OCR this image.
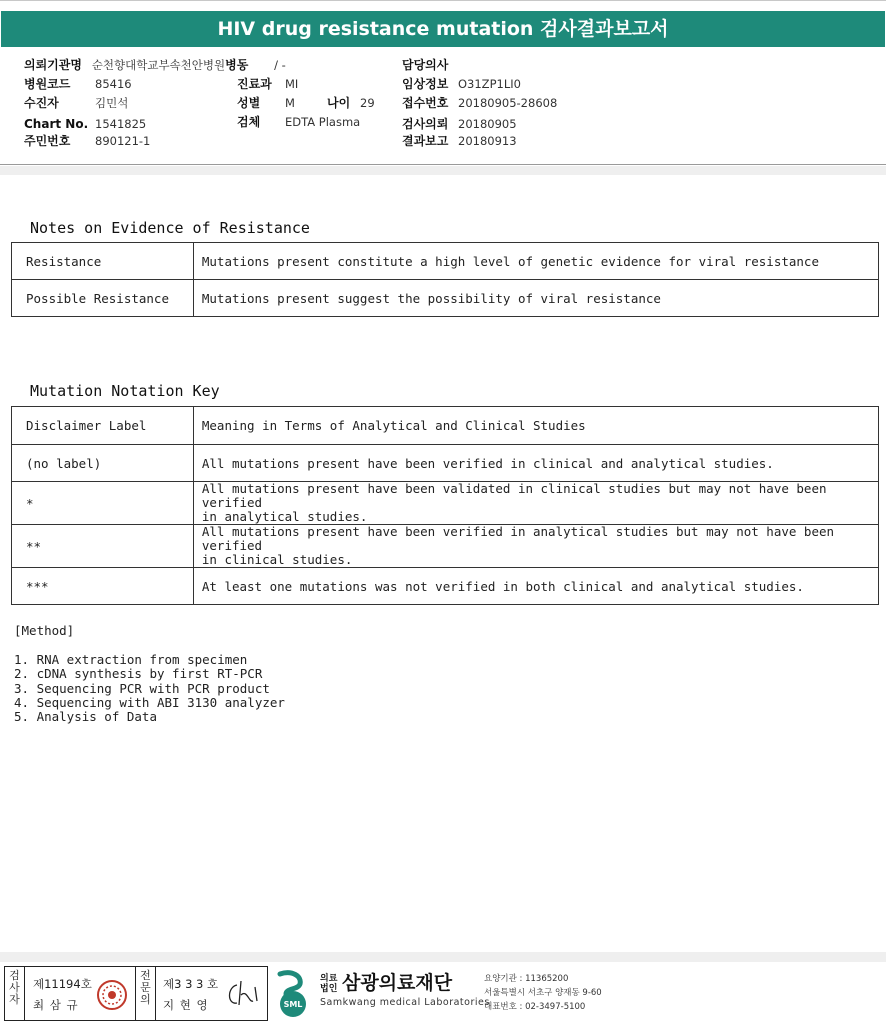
HIV drug resistance mutation 검사결과보고서
의뢰기관명 순천향대학교부속천안병원병동 / -	담당의사
병원코드 85416	진료과 MI	임상정보 O31ZP1LI0
수진자	김민석	성별 M	나이 29 접수번호 20180905-28608
Chart No. 1541825	검체 EDTA Plasma	검사의뢰 20180905
주민번호 890121-1	결과보고 20180913
Notes on Evidence of Resistance
Resistance	Mutations present constitute a high level of genetic evidence for viral resistance
Possible Resistance	Mutations present suggest the possibility of viral resistance
Mutation Notation Key
Disclaimer Label	Meaning in Terms of Analytical and Clinical Studies
(no label)	All mutations present have been verified in clinical and analytical studies.
*	All mutations present have been validated in clinical studies but may not have been verified
in analytical studies.

**	All mutations present have been verified in analytical studies but may not have been verified
in clinical studies.

***	At least one mutations was not verified in both clinical and analytical studies.
[Method]
1. RNA extraction from specimen
2. cDNA synthesis by first RT-PCR
3. Sequencing PCR with PCR product
4. Sequencing with ABI 3130 analyzer
5. Analysis of Data
검사자
제11194호
최 삼 규
전문의
제3 3 3 호
지 현 영	SML
의료법인 삼광의료재단
Samkwang medical Laboratories
요양기관 : 11365200
서울특별시 서초구 양재동 9-60
대표번호 : 02-3497-5100
